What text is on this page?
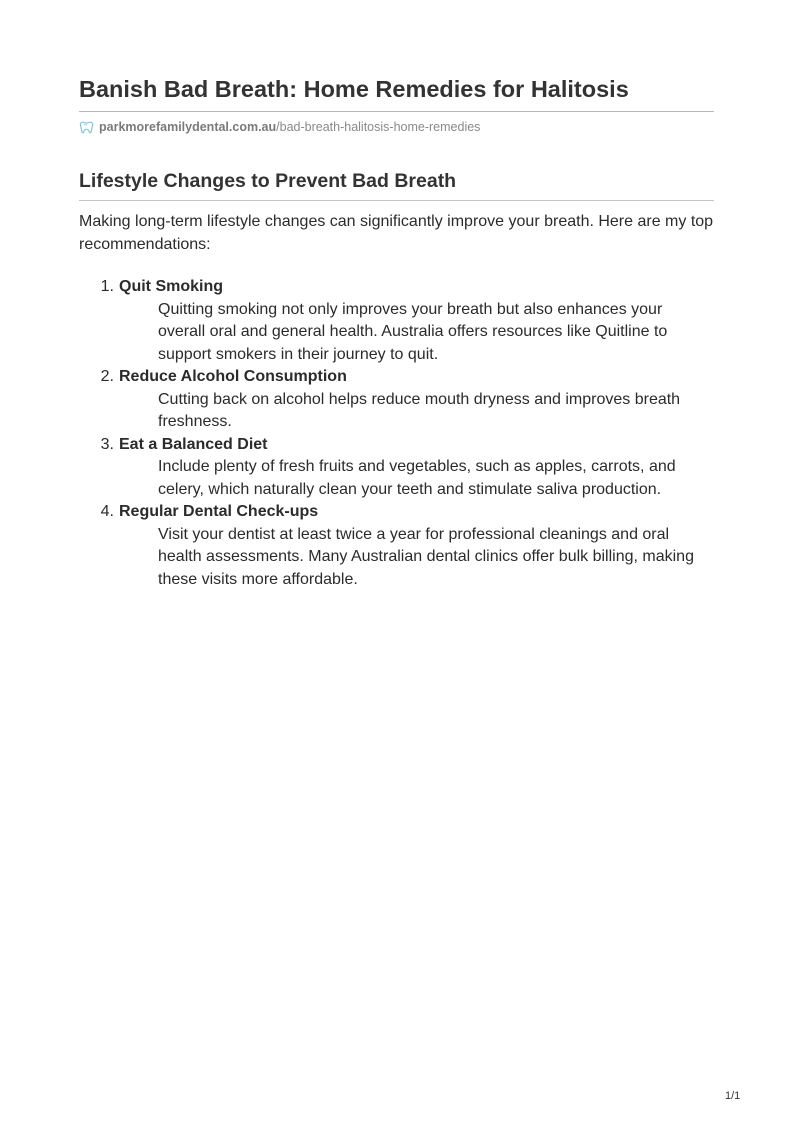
Banish Bad Breath: Home Remedies for Halitosis
parkmorefamilydental.com.au /bad-breath-halitosis-home-remedies
Lifestyle Changes to Prevent Bad Breath

Making long-term lifestyle changes can significantly improve your breath. Here are my top recommendations:

1. Quit Smoking
Quitting smoking not only improves your breath but also enhances your overall oral and general health. Australia offers resources like Quitline to support smokers in their journey to quit.
2. Reduce Alcohol Consumption
Cutting back on alcohol helps reduce mouth dryness and improves breath freshness.
3. Eat a Balanced Diet
Include plenty of fresh fruits and vegetables, such as apples, carrots, and celery, which naturally clean your teeth and stimulate saliva production.
4. Regular Dental Check-ups
Visit your dentist at least twice a year for professional cleanings and oral health assessments. Many Australian dental clinics offer bulk billing, making these visits more affordable.
1/1
